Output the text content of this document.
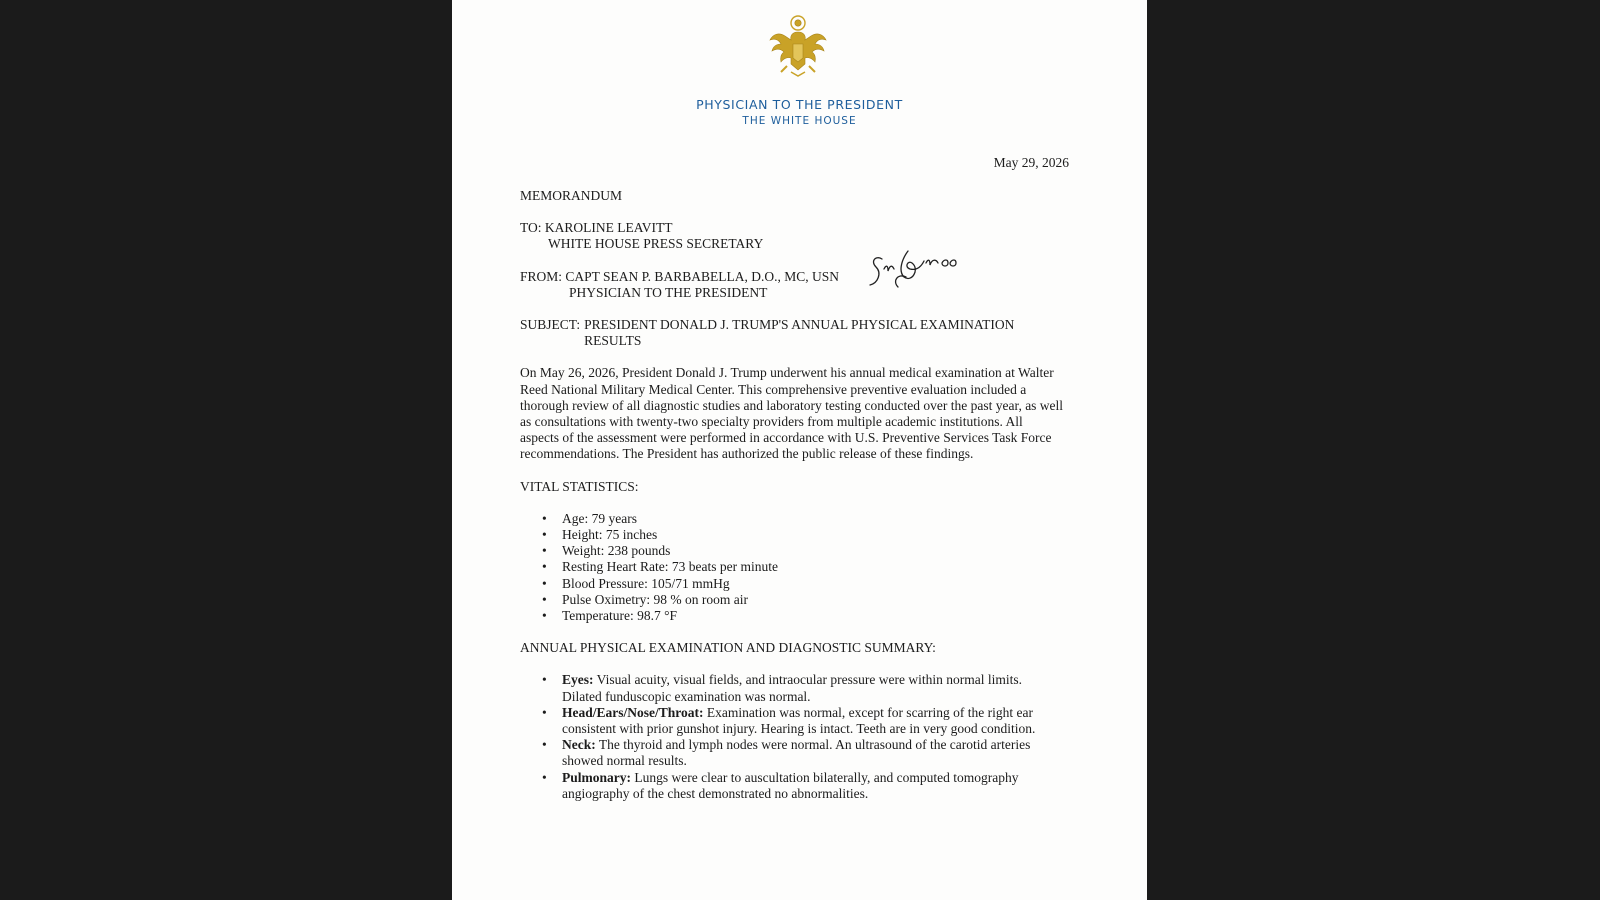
PHYSICIAN TO THE PRESIDENT
THE WHITE HOUSE
May 29, 2026
MEMORANDUM
TO: KAROLINE LEAVITT
WHITE HOUSE PRESS SECRETARY
FROM: CAPT SEAN P. BARBABELLA, D.O., MC, USN
PHYSICIAN TO THE PRESIDENT
SUBJECT: PRESIDENT DONALD J. TRUMP'S ANNUAL PHYSICAL EXAMINATION
RESULTS

On May 26, 2026, President Donald J. Trump underwent his annual medical examination at Walter Reed National Military Medical Center. This comprehensive preventive evaluation included a thorough review of all diagnostic studies and laboratory testing conducted over the past year, as well as consultations with twenty-two specialty providers from multiple academic institutions. All aspects of the assessment were performed in accordance with U.S. Preventive Services Task Force recommendations. The President has authorized the public release of these findings.

VITAL STATISTICS:
• Age: 79 years
• Height: 75 inches
• Weight: 238 pounds
• Resting Heart Rate: 73 beats per minute
• Blood Pressure: 105/71 mmHg
• Pulse Oximetry: 98 % on room air
• Temperature: 98.7 °F
ANNUAL PHYSICAL EXAMINATION AND DIAGNOSTIC SUMMARY:
• Eyes: Visual acuity, visual fields, and intraocular pressure were within normal limits. Dilated funduscopic examination was normal.
• Head/Ears/Nose/Throat: Examination was normal, except for scarring of the right ear consistent with prior gunshot injury. Hearing is intact. Teeth are in very good condition.
• Neck: The thyroid and lymph nodes were normal. An ultrasound of the carotid arteries showed normal results.
• Pulmonary: Lungs were clear to auscultation bilaterally, and computed tomography angiography of the chest demonstrated no abnormalities.
